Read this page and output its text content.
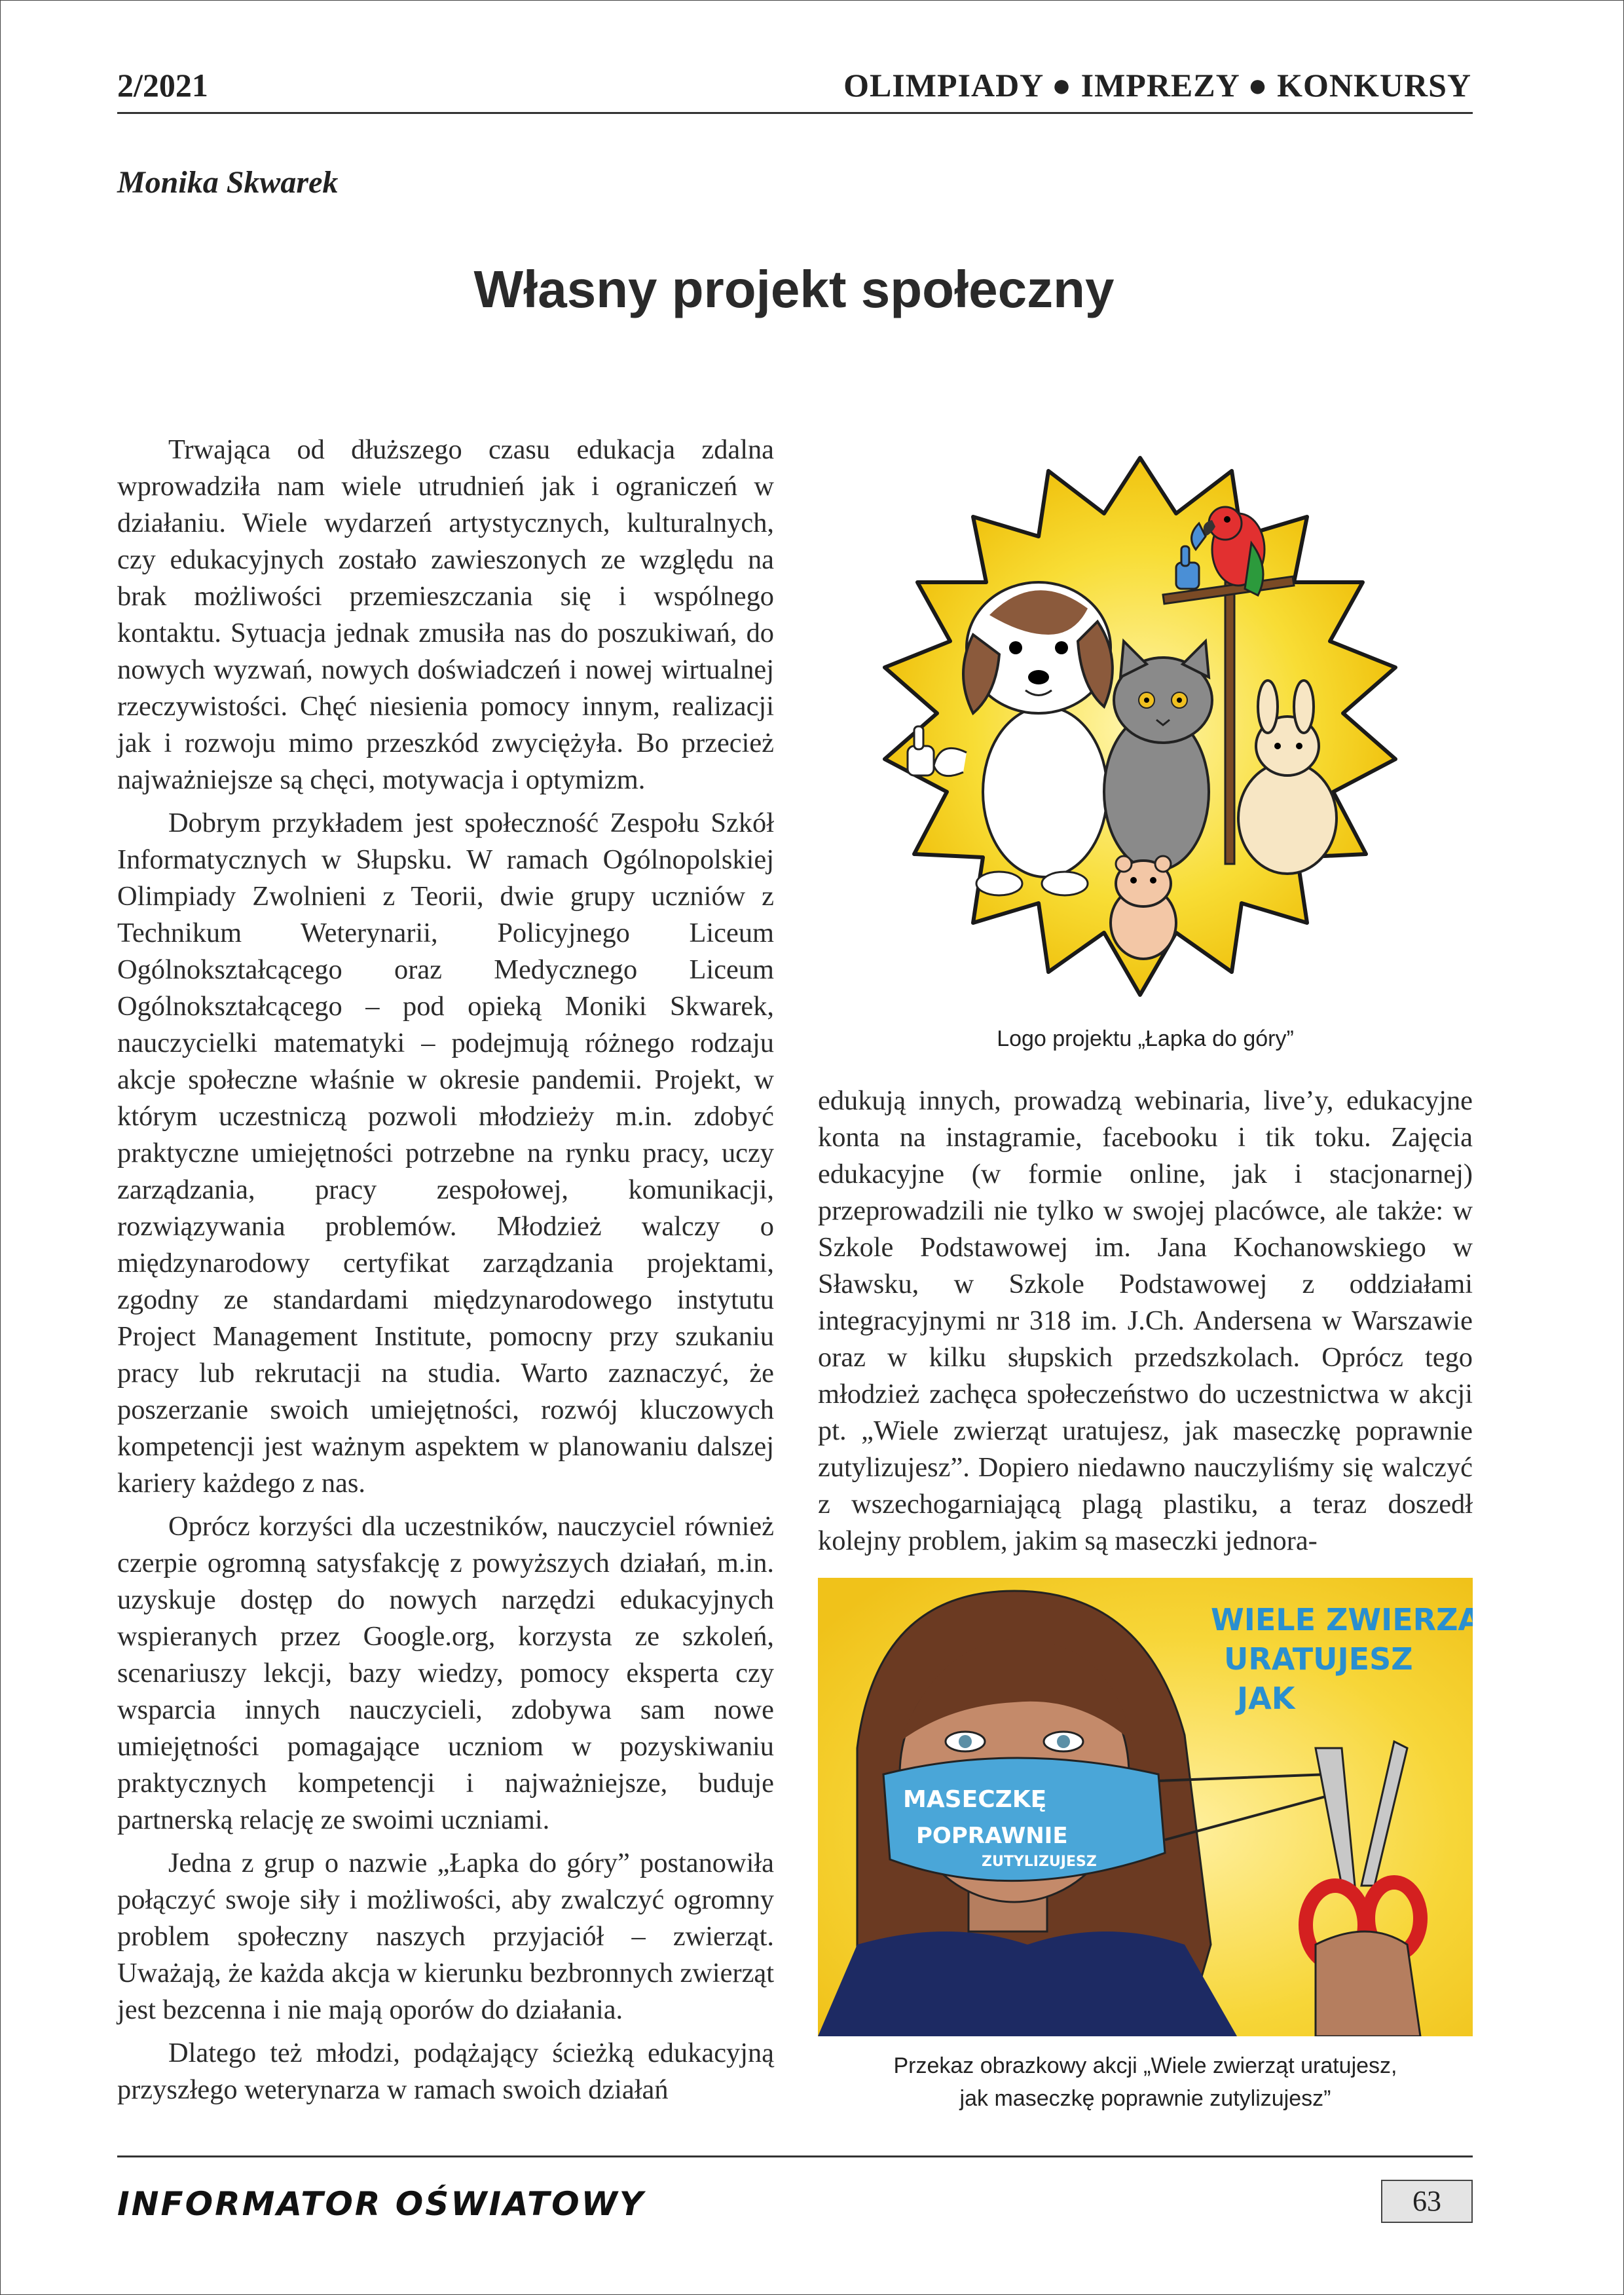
2/2021	OLIMPIADY ● IMPREZY ● KONKURSY
Monika Skwarek
Własny projekt społeczny

Trwająca od dłuższego czasu edukacja zdalna wprowadziła nam wiele utrudnień jak i ograniczeń w działaniu. Wiele wydarzeń artystycznych, kulturalnych, czy edukacyjnych zostało zawieszonych ze względu na brak możliwości przemieszczania się i wspólnego kontaktu. Sytuacja jednak zmusiła nas do poszukiwań, do nowych wyzwań, nowych doświadczeń i nowej wirtualnej rzeczywistości. Chęć niesienia pomocy innym, realizacji jak i rozwoju mimo przeszkód zwyciężyła. Bo przecież najważniejsze są chęci, motywacja i optymizm.

Dobrym przykładem jest społeczność Zespołu Szkół Informatycznych w Słupsku. W ramach Ogólnopolskiej Olimpiady Zwolnieni z Teorii, dwie grupy uczniów z Technikum Weterynarii, Policyjnego Liceum Ogólnokształcącego oraz Medycznego Liceum Ogólnokształcącego – pod opieką Moniki Skwarek, nauczycielki matematyki – podejmują różnego rodzaju akcje społeczne właśnie w okresie pandemii. Projekt, w którym uczestniczą pozwoli młodzieży m.in. zdobyć praktyczne umiejętności potrzebne na rynku pracy, uczy zarządzania, pracy zespołowej, komunikacji, rozwiązywania problemów. Młodzież walczy o międzynarodowy certyfikat zarządzania projektami, zgodny ze standardami międzynarodowego instytutu Project Management Institute, pomocny przy szukaniu pracy lub rekrutacji na studia. Warto zaznaczyć, że poszerzanie swoich umiejętności, rozwój kluczowych kompetencji jest ważnym aspektem w planowaniu dalszej kariery każdego z nas.

Oprócz korzyści dla uczestników, nauczyciel również czerpie ogromną satysfakcję z powyższych działań, m.in. uzyskuje dostęp do nowych narzędzi edukacyjnych wspieranych przez Google.org, korzysta ze szkoleń, scenariuszy lekcji, bazy wiedzy, pomocy eksperta czy wsparcia innych nauczycieli, zdobywa sam nowe umiejętności pomagające uczniom w pozyskiwaniu praktycznych kompetencji i najważniejsze, buduje partnerską relację ze swoimi uczniami.

Jedna z grup o nazwie „Łapka do góry” postanowiła połączyć swoje siły i możliwości, aby zwalczyć ogromny problem społeczny naszych przyjaciół – zwierząt. Uważają, że każda akcja w kierunku bezbronnych zwierząt jest bezcenna i nie mają oporów do działania.

Dlatego też młodzi, podążający ścieżką edukacyjną przyszłego weterynarza w ramach swoich działań

Logo projektu „Łapka do góry”

edukują innych, prowadzą webinaria, live’y, edukacyjne konta na instagramie, facebooku i tik toku. Zajęcia edukacyjne (w formie online, jak i stacjonarnej) przeprowadzili nie tylko w swojej placówce, ale także: w Szkole Podstawowej im. Jana Kochanowskiego w Sławsku, w Szkole Podstawowej z oddziałami integracyjnymi nr 318 im. J.Ch. Andersena w Warszawie oraz w kilku słupskich przedszkolach. Oprócz tego młodzież zachęca społeczeństwo do uczestnictwa w akcji pt. „Wiele zwierząt uratujesz, jak maseczkę poprawnie zutylizujesz”. Dopiero niedawno nauczyliśmy się walczyć z wszechogarniającą plagą plastiku, a teraz doszedł kolejny problem, jakim są maseczki jednora-

MASECZKĘ
POPRAWNIE
ZUTYLIZUJESZ
WIELE ZWIERZĄT
URATUJESZ
JAK
Przekaz obrazkowy akcji „Wiele zwierząt uratujesz,
jak maseczkę poprawnie zutylizujesz”
INFORMATOR OŚWIATOWY	63
